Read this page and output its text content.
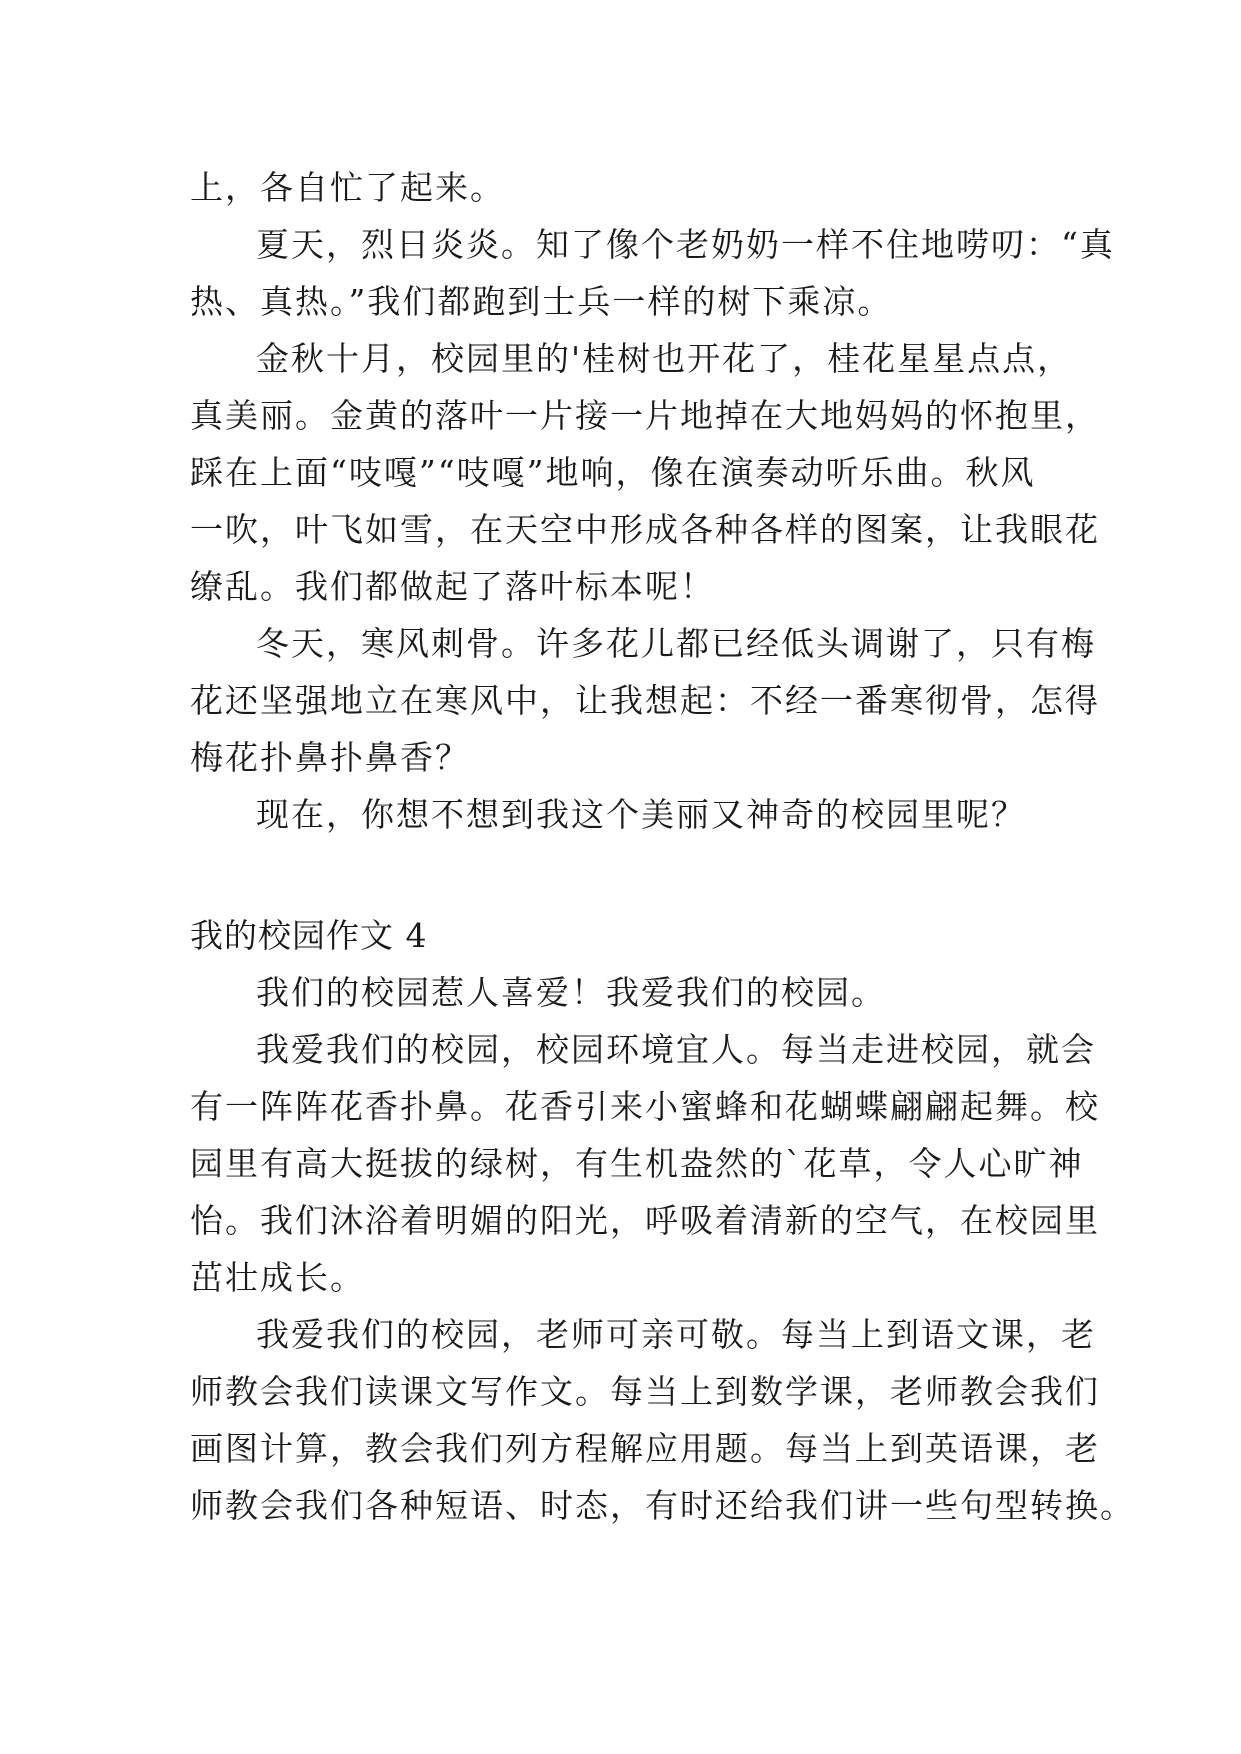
上，各自忙了起来。

夏天，烈日炎炎。知了像个老奶奶一样不住地唠叨：“真

热、真热。”我们都跑到士兵一样的树下乘凉。

金秋十月，校园里的'桂树也开花了，桂花星星点点，

真美丽。金黄的落叶一片接一片地掉在大地妈妈的怀抱里，

踩在上面“吱嘎”“吱嘎”地响，像在演奏动听乐曲。秋风

一吹，叶飞如雪，在天空中形成各种各样的图案，让我眼花

缭乱。我们都做起了落叶标本呢！

冬天，寒风刺骨。许多花儿都已经低头调谢了，只有梅

花还坚强地立在寒风中，让我想起：不经一番寒彻骨，怎得

梅花扑鼻扑鼻香？

现在，你想不想到我这个美丽又神奇的校园里呢？

我的校园作文 4

我们的校园惹人喜爱！我爱我们的校园。

我爱我们的校园，校园环境宜人。每当走进校园，就会

有一阵阵花香扑鼻。花香引来小蜜蜂和花蝴蝶翩翩起舞。校

园里有高大挺拔的绿树，有生机盎然的`花草，令人心旷神

怡。我们沐浴着明媚的阳光，呼吸着清新的空气，在校园里

茁壮成长。

我爱我们的校园，老师可亲可敬。每当上到语文课，老

师教会我们读课文写作文。每当上到数学课，老师教会我们

画图计算，教会我们列方程解应用题。每当上到英语课，老

师教会我们各种短语、时态，有时还给我们讲一些句型转换。
